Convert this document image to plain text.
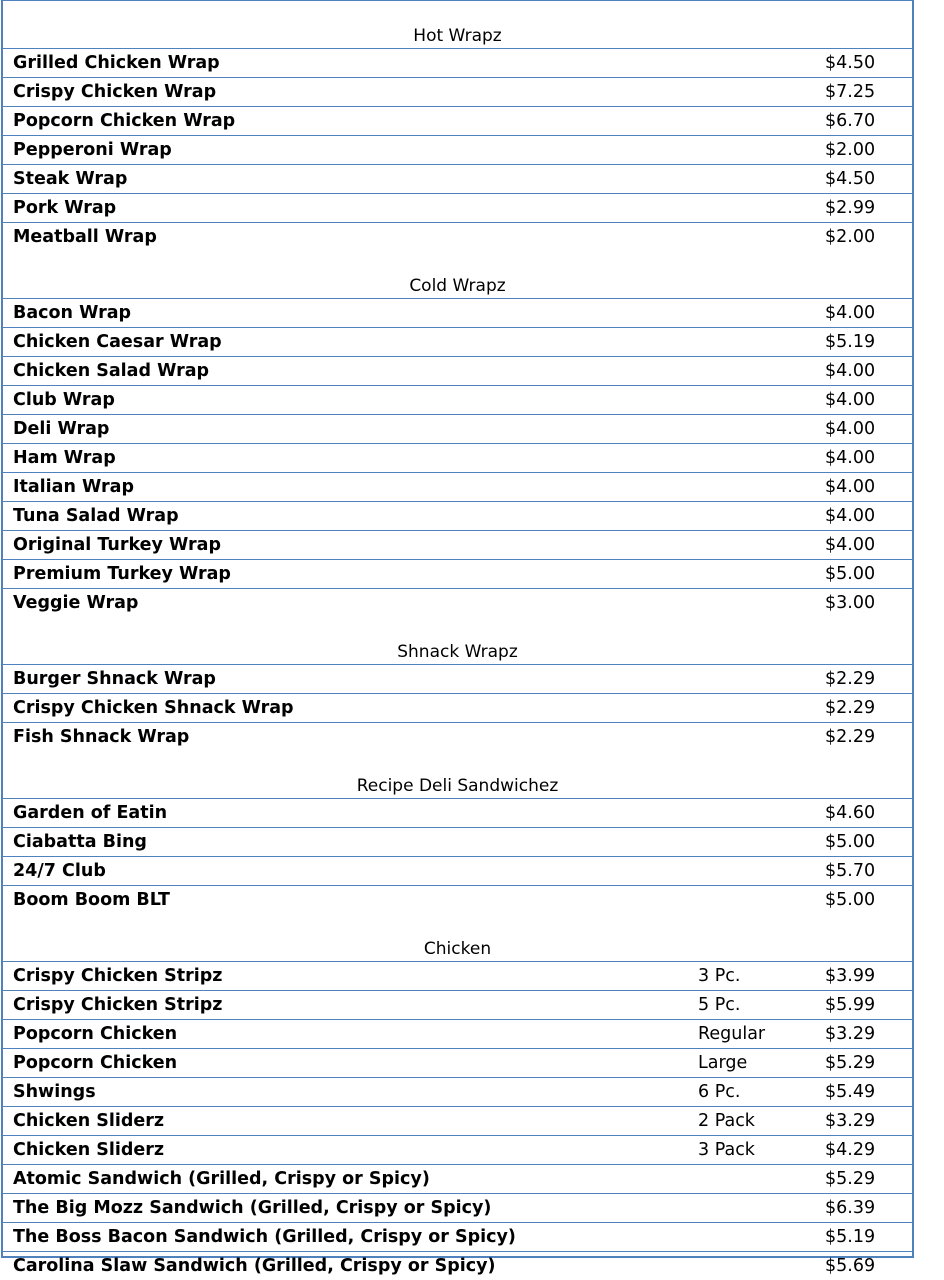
Hot Wrapz
Grilled Chicken Wrap	$4.50
Crispy Chicken Wrap	$7.25
Popcorn Chicken Wrap	$6.70
Pepperoni Wrap	$2.00
Steak Wrap	$4.50
Pork Wrap	$2.99
Meatball Wrap	$2.00
Cold Wrapz
Bacon Wrap	$4.00
Chicken Caesar Wrap	$5.19
Chicken Salad Wrap	$4.00
Club Wrap	$4.00
Deli Wrap	$4.00
Ham Wrap	$4.00
Italian Wrap	$4.00
Tuna Salad Wrap	$4.00
Original Turkey Wrap	$4.00
Premium Turkey Wrap	$5.00
Veggie Wrap	$3.00
Shnack Wrapz
Burger Shnack Wrap	$2.29
Crispy Chicken Shnack Wrap	$2.29
Fish Shnack Wrap	$2.29
Recipe Deli Sandwichez
Garden of Eatin	$4.60
Ciabatta Bing	$5.00
24/7 Club	$5.70
Boom Boom BLT	$5.00
Chicken
Crispy Chicken Stripz	3 Pc.	$3.99
Crispy Chicken Stripz	5 Pc.	$5.99
Popcorn Chicken	Regular	$3.29
Popcorn Chicken	Large	$5.29
Shwings	6 Pc.	$5.49
Chicken Sliderz	2 Pack	$3.29
Chicken Sliderz	3 Pack	$4.29
Atomic Sandwich (Grilled, Crispy or Spicy)	$5.29
The Big Mozz Sandwich (Grilled, Crispy or Spicy)	$6.39
The Boss Bacon Sandwich (Grilled, Crispy or Spicy)	$5.19
Carolina Slaw Sandwich (Grilled, Crispy or Spicy)	$5.69
